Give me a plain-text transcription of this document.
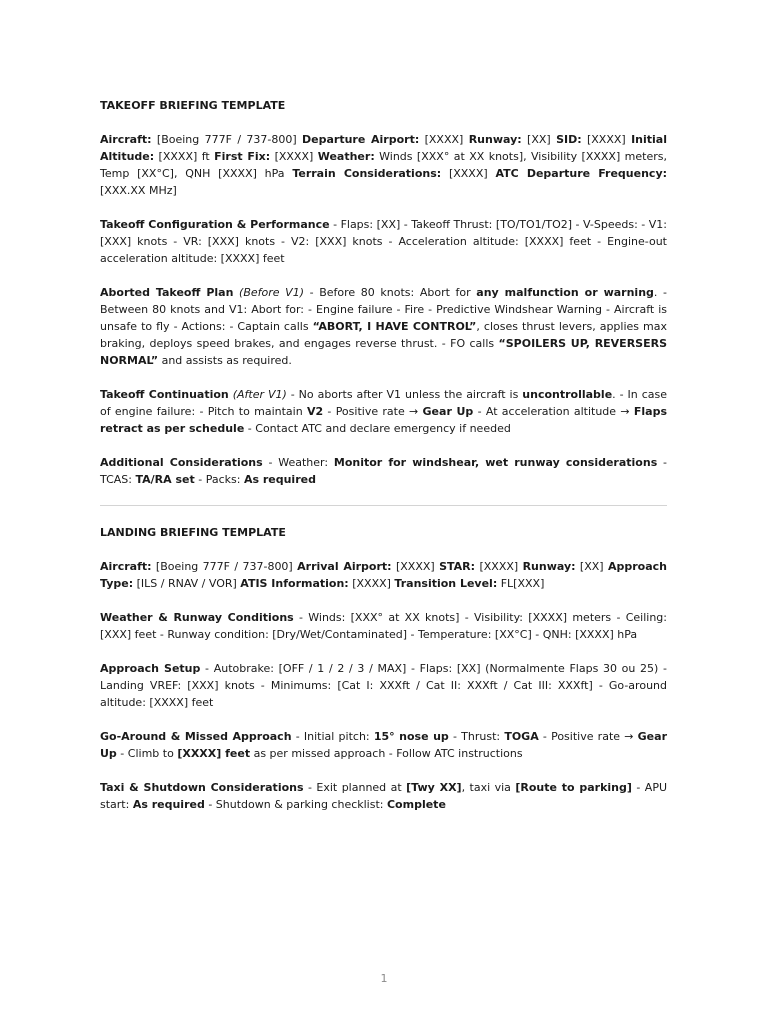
TAKEOFF BRIEFING TEMPLATE

Aircraft: [Boeing 777F / 737-800] Departure Airport: [XXXX] Runway: [XX] SID: [XXXX] Initial Altitude: [XXXX] ft First Fix: [XXXX] Weather: Winds [XXX° at XX knots], Visibility [XXXX] meters, Temp [XX°C], QNH [XXXX] hPa Terrain Considerations: [XXXX] ATC Departure Frequency: [XXX.XX MHz]

Takeoff Configuration & Performance - Flaps: [XX] - Takeoff Thrust: [TO/TO1/TO2] - V-Speeds: - V1: [XXX] knots - VR: [XXX] knots - V2: [XXX] knots - Acceleration altitude: [XXXX] feet - Engine-out acceleration altitude: [XXXX] feet

Aborted Takeoff Plan (Before V1) - Before 80 knots: Abort for any malfunction or warning. - Between 80 knots and V1: Abort for: - Engine failure - Fire - Predictive Windshear Warning - Aircraft is unsafe to fly - Actions: - Captain calls “ABORT, I HAVE CONTROL”, closes thrust levers, applies max braking, deploys speed brakes, and engages reverse thrust. - FO calls “SPOILERS UP, REVERSERS NORMAL” and assists as required.

Takeoff Continuation (After V1) - No aborts after V1 unless the aircraft is uncontrollable. - In case of engine failure: - Pitch to maintain V2 - Positive rate → Gear Up - At acceleration altitude → Flaps retract as per schedule - Contact ATC and declare emergency if needed

Additional Considerations - Weather: Monitor for windshear, wet runway considerations - TCAS: TA/RA set - Packs: As required

LANDING BRIEFING TEMPLATE

Aircraft: [Boeing 777F / 737-800] Arrival Airport: [XXXX] STAR: [XXXX] Runway: [XX] Approach Type: [ILS / RNAV / VOR] ATIS Information: [XXXX] Transition Level: FL[XXX]

Weather & Runway Conditions - Winds: [XXX° at XX knots] - Visibility: [XXXX] meters - Ceiling: [XXX] feet - Runway condition: [Dry/Wet/Contaminated] - Temperature: [XX°C] - QNH: [XXXX] hPa

Approach Setup - Autobrake: [OFF / 1 / 2 / 3 / MAX] - Flaps: [XX] (Normalmente Flaps 30 ou 25) - Landing VREF: [XXX] knots - Minimums: [Cat I: XXXft / Cat II: XXXft / Cat III: XXXft] - Go-around altitude: [XXXX] feet

Go-Around & Missed Approach - Initial pitch: 15° nose up - Thrust: TOGA - Positive rate → Gear Up - Climb to [XXXX] feet as per missed approach - Follow ATC instructions

Taxi & Shutdown Considerations - Exit planned at [Twy XX], taxi via [Route to parking] - APU start: As required - Shutdown & parking checklist: Complete

1
